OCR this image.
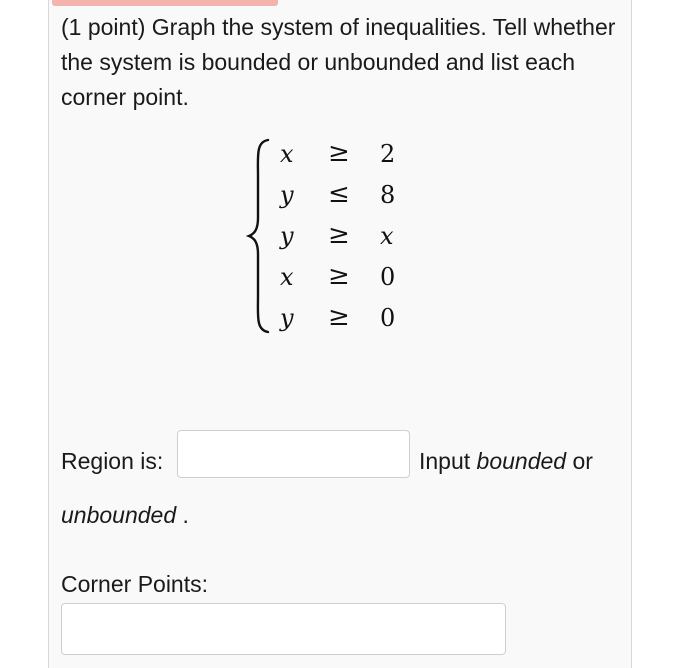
(1 point) Graph the system of inequalities. Tell whether the system is bounded or unbounded and list each corner point.
x ≥ 2
y ≤ 8
y ≥ x
x ≥ 0
y ≥ 0
Region is:	Input bounded or
unbounded .
Corner Points:
